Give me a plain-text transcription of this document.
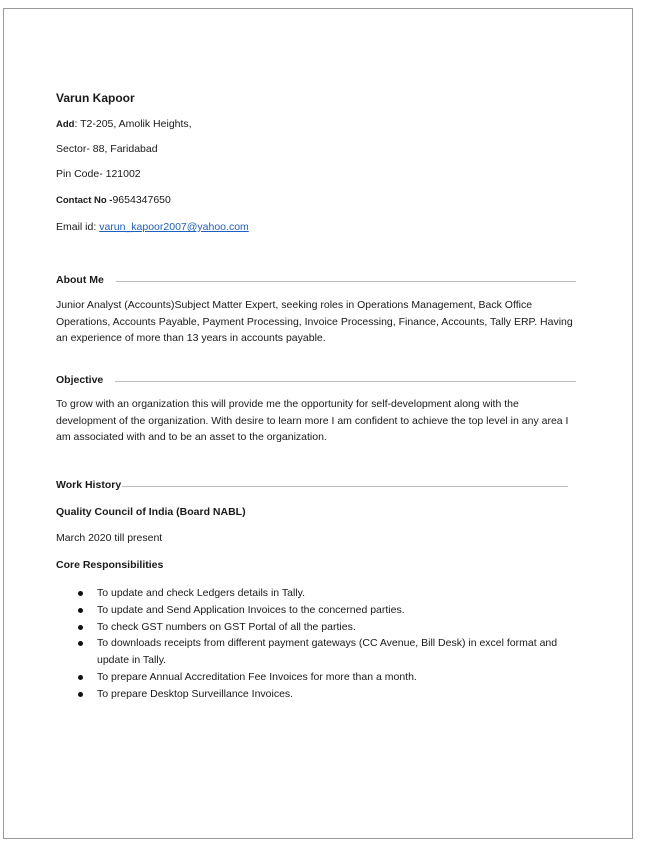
Varun Kapoor
Add: T2-205, Amolik Heights,
Sector- 88, Faridabad
Pin Code- 121002
Contact No -9654347650
Email id: varun_kapoor2007@yahoo.com
About Me
Junior Analyst (Accounts)Subject Matter Expert, seeking roles in Operations Management, Back Office Operations, Accounts Payable, Payment Processing, Invoice Processing, Finance, Accounts, Tally ERP. Having an experience of more than 13 years in accounts payable.
Objective
To grow with an organization this will provide me the opportunity for self-development along with the development of the organization. With desire to learn more I am confident to achieve the top level in any area I am associated with and to be an asset to the organization.
Work History
Quality Council of India (Board NABL)
March 2020 till present
Core Responsibilities
To update and check Ledgers details in Tally.
To update and Send Application Invoices to the concerned parties.
To check GST numbers on GST Portal of all the parties.
To downloads receipts from different payment gateways (CC Avenue, Bill Desk) in excel format and update in Tally.
To prepare Annual Accreditation Fee Invoices for more than a month.
To prepare Desktop Surveillance Invoices.
